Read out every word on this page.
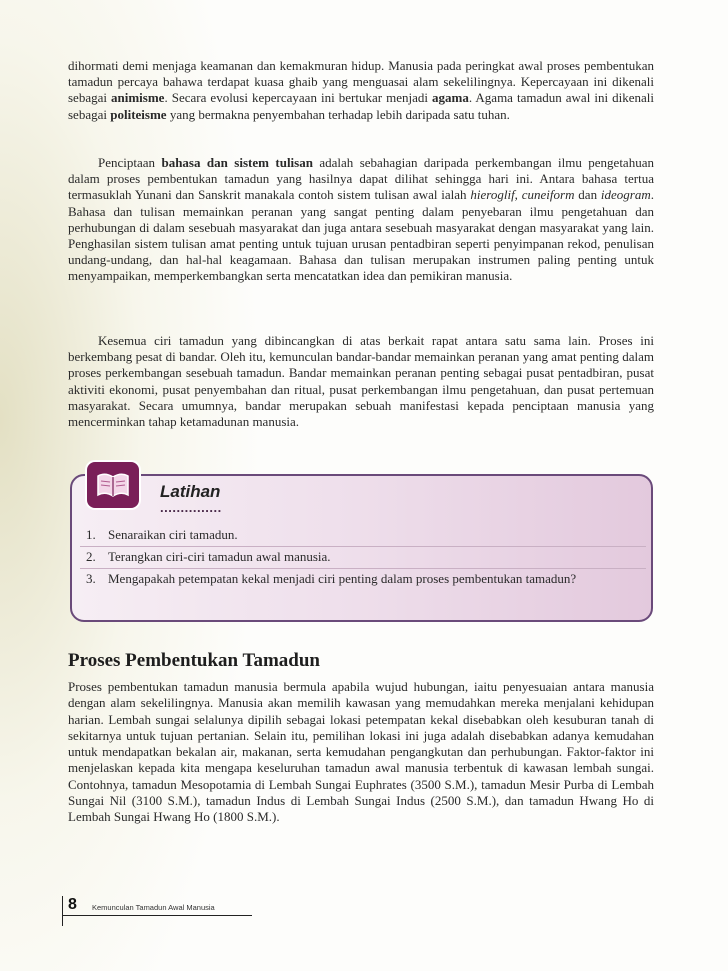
dihormati demi menjaga keamanan dan kemakmuran hidup. Manusia pada peringkat awal proses pembentukan tamadun percaya bahawa terdapat kuasa ghaib yang menguasai alam sekelilingnya. Kepercayaan ini dikenali sebagai animisme. Secara evolusi kepercayaan ini bertukar menjadi agama. Agama tamadun awal ini dikenali sebagai politeisme yang bermakna penyembahan terhadap lebih daripada satu tuhan.

Penciptaan bahasa dan sistem tulisan adalah sebahagian daripada perkembangan ilmu pengetahuan dalam proses pembentukan tamadun yang hasilnya dapat dilihat sehingga hari ini. Antara bahasa tertua termasuklah Yunani dan Sanskrit manakala contoh sistem tulisan awal ialah hieroglif, cuneiform dan ideogram. Bahasa dan tulisan memainkan peranan yang sangat penting dalam penyebaran ilmu pengetahuan dan perhubungan di dalam sesebuah masyarakat dan juga antara sesebuah masyarakat dengan masyarakat yang lain. Penghasilan sistem tulisan amat penting untuk tujuan urusan pentadbiran seperti penyimpanan rekod, penulisan undang-undang, dan hal-hal keagamaan. Bahasa dan tulisan merupakan instrumen paling penting untuk menyampaikan, memperkembangkan serta mencatatkan idea dan pemikiran manusia.

Kesemua ciri tamadun yang dibincangkan di atas berkait rapat antara satu sama lain. Proses ini berkembang pesat di bandar. Oleh itu, kemunculan bandar-bandar memainkan peranan yang amat penting dalam proses perkembangan sesebuah tamadun. Bandar memainkan peranan penting sebagai pusat pentadbiran, pusat aktiviti ekonomi, pusat penyembahan dan ritual, pusat perkembangan ilmu pengetahuan, dan pusat pertemuan masyarakat. Secara umumnya, bandar merupakan sebuah manifestasi kepada penciptaan manusia yang mencerminkan tahap ketamadunan manusia.

Latihan
...............
1. Senaraikan ciri tamadun.
2. Terangkan ciri-ciri tamadun awal manusia.
3. Mengapakah petempatan kekal menjadi ciri penting dalam proses pembentukan tamadun?
Proses Pembentukan Tamadun

Proses pembentukan tamadun manusia bermula apabila wujud hubungan, iaitu penyesuaian antara manusia dengan alam sekelilingnya. Manusia akan memilih kawasan yang memudahkan mereka menjalani kehidupan harian. Lembah sungai selalunya dipilih sebagai lokasi petempatan kekal disebabkan oleh kesuburan tanah di sekitarnya untuk tujuan pertanian. Selain itu, pemilihan lokasi ini juga adalah disebabkan adanya kemudahan untuk mendapatkan bekalan air, makanan, serta kemudahan pengangkutan dan perhubungan. Faktor-faktor ini menjelaskan kepada kita mengapa keseluruhan tamadun awal manusia terbentuk di kawasan lembah sungai. Contohnya, tamadun Mesopotamia di Lembah Sungai Euphrates (3500 S.M.), tamadun Mesir Purba di Lembah Sungai Nil (3100 S.M.), tamadun Indus di Lembah Sungai Indus (2500 S.M.), dan tamadun Hwang Ho di Lembah Sungai Hwang Ho (1800 S.M.).

8 Kemunculan Tamadun Awal Manusia
